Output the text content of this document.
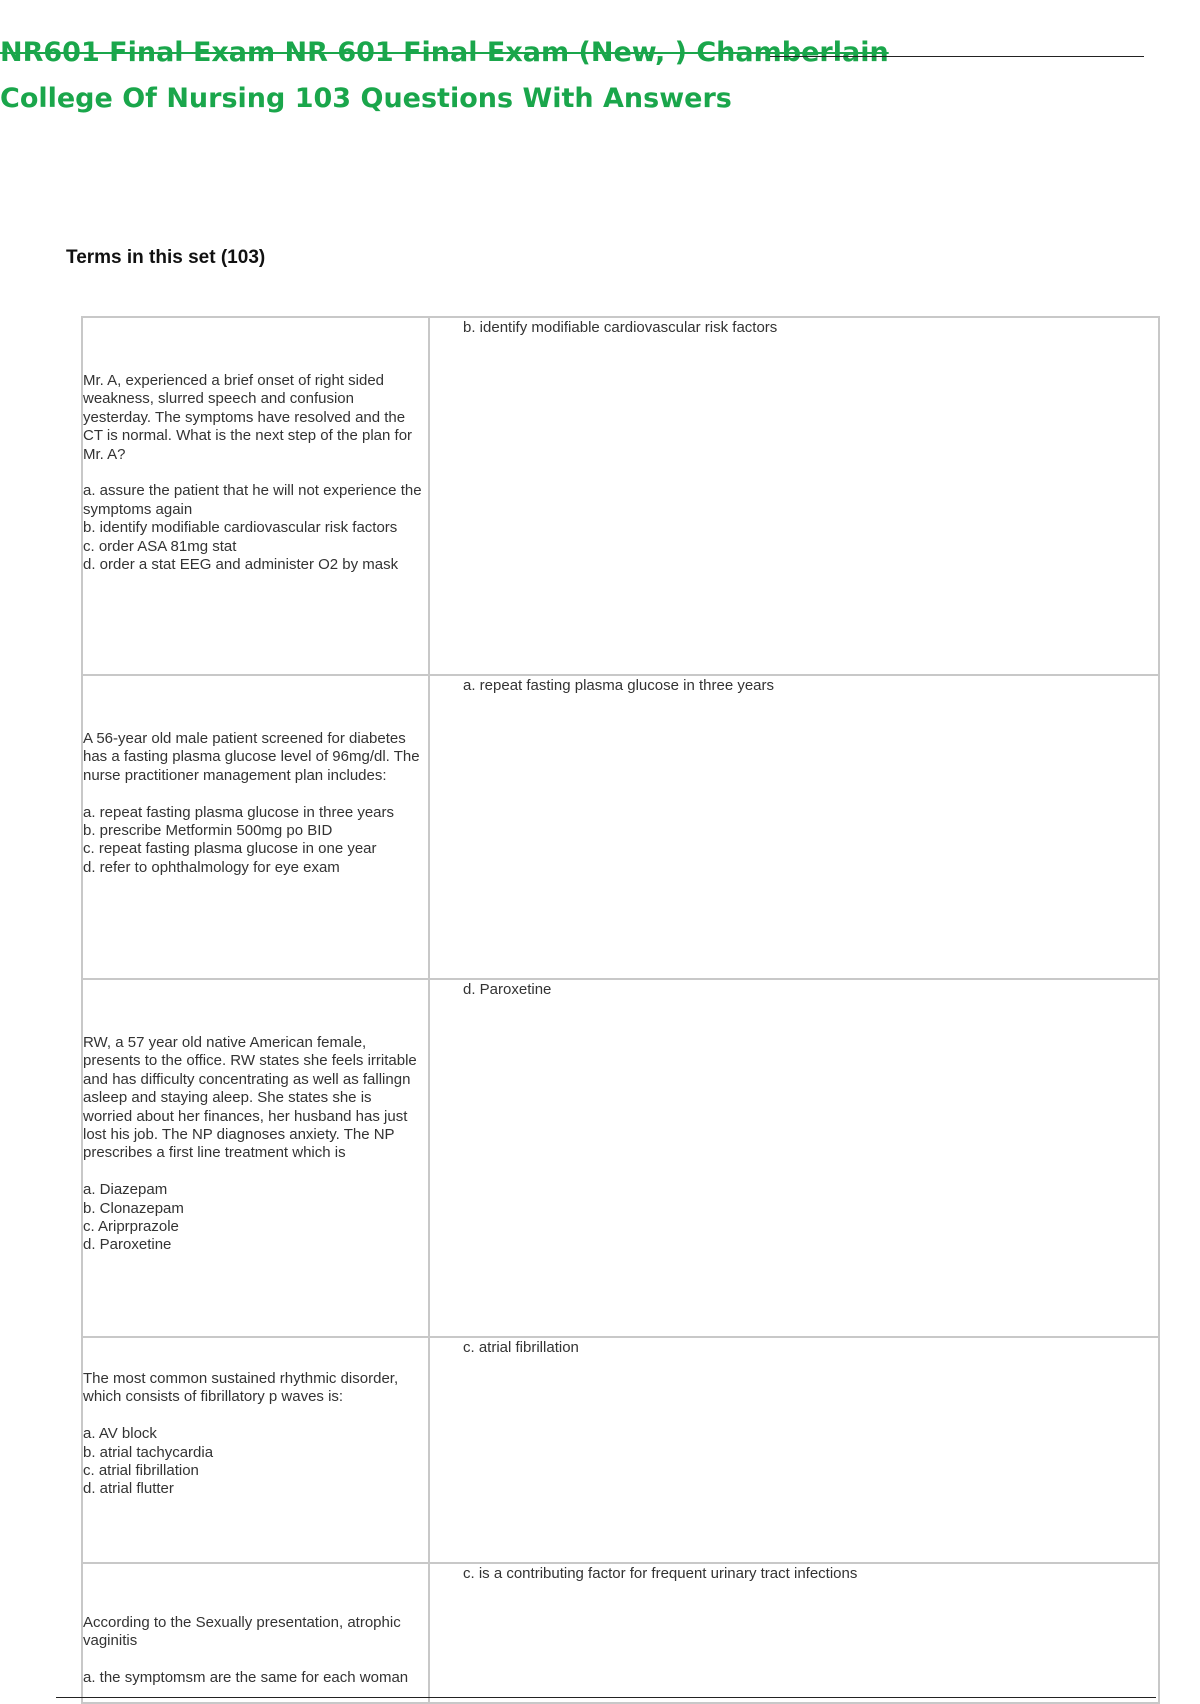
NR601 Final Exam NR 601 Final Exam (New, ) Chamberlain
College Of Nursing 103 Questions With Answers
Terms in this set (103)
Mr. A, experienced a brief onset of right sided weakness, slurred speech and confusion yesterday. The symptoms have resolved and the CT is normal. What is the next step of the plan for Mr. A?

a. assure the patient that he will not experience the symptoms again
b. identify modifiable cardiovascular risk factors
c. order ASA 81mg stat
d. order a stat EEG and administer O2 by mask	b. identify modifiable cardiovascular risk factors

A 56-year old male patient screened for diabetes has a fasting plasma glucose level of 96mg/dl. The nurse practitioner management plan includes:

a. repeat fasting plasma glucose in three years
b. prescribe Metformin 500mg po BID
c. repeat fasting plasma glucose in one year
d. refer to ophthalmology for eye exam	a. repeat fasting plasma glucose in three years

RW, a 57 year old native American female, presents to the office. RW states she feels irritable and has difficulty concentrating as well as fallingn asleep and staying aleep. She states she is worried about her finances, her husband has just lost his job. The NP diagnoses anxiety. The NP prescribes a first line treatment which is

a. Diazepam
b. Clonazepam
c. Ariprprazole
d. Paroxetine	d. Paroxetine

The most common sustained rhythmic disorder, which consists of fibrillatory p waves is:

a. AV block
b. atrial tachycardia
c. atrial fibrillation
d. atrial flutter	c. atrial fibrillation

According to the Sexually presentation, atrophic vaginitis

a. the symptomsm are the same for each woman	c. is a contributing factor for frequent urinary tract infections
